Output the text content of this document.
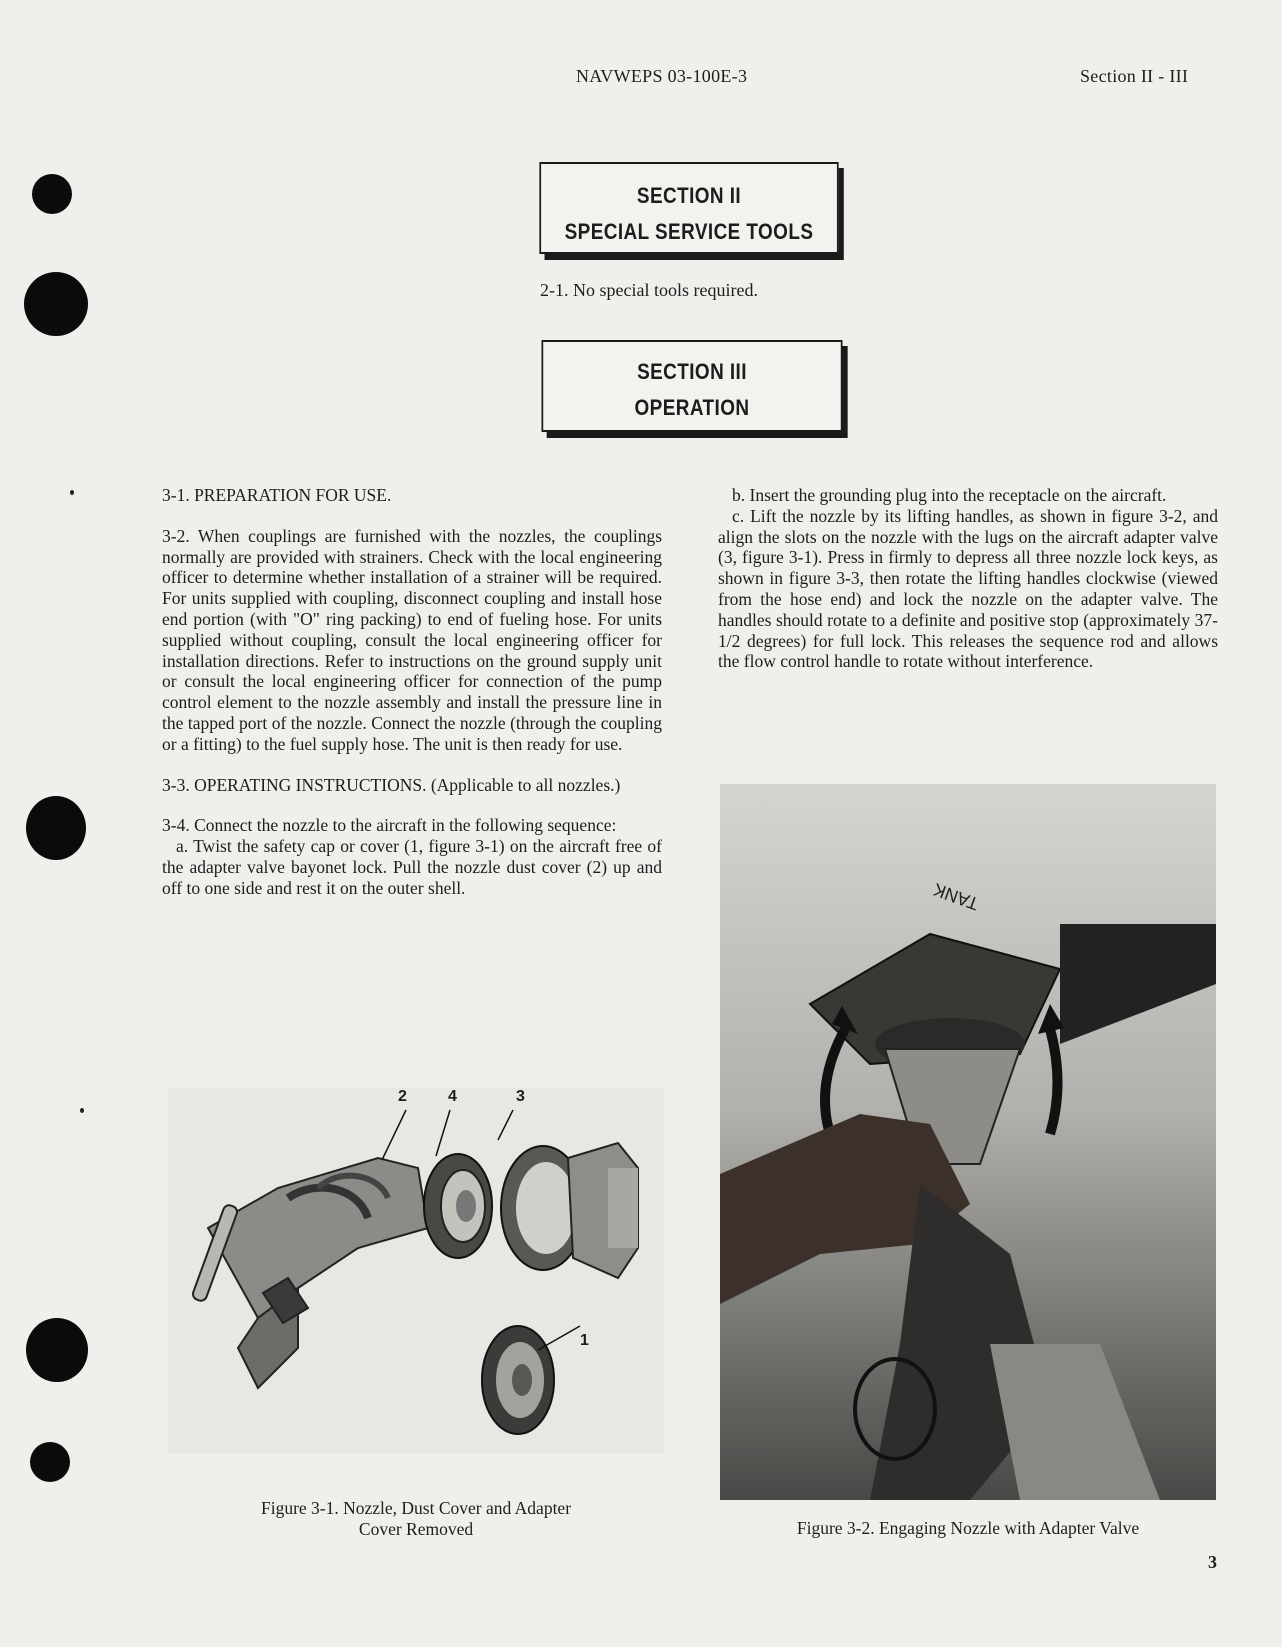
NAVWEPS 03-100E-3	Section II - III
SECTION II
SPECIAL SERVICE TOOLS
2-1. No special tools required.
SECTION III
OPERATION

3-1. PREPARATION FOR USE.

3-2. When couplings are furnished with the nozzles, the couplings normally are provided with strainers. Check with the local engineering officer to determine whether installation of a strainer will be required. For units supplied with coupling, disconnect coupling and install hose end portion (with "O" ring packing) to end of fueling hose. For units supplied without coupling, consult the local engineering officer for installation directions. Refer to instructions on the ground supply unit or consult the local engineering officer for connection of the pump control element to the nozzle assembly and install the pressure line in the tapped port of the nozzle. Connect the nozzle (through the coupling or a fitting) to the fuel supply hose. The unit is then ready for use.

3-3. OPERATING INSTRUCTIONS. (Applicable to all nozzles.)

3-4. Connect the nozzle to the aircraft in the following sequence:

a. Twist the safety cap or cover (1, figure 3-1) on the aircraft free of the adapter valve bayonet lock. Pull the nozzle dust cover (2) up and off to one side and rest it on the outer shell.

b. Insert the grounding plug into the receptacle on the aircraft.

c. Lift the nozzle by its lifting handles, as shown in figure 3-2, and align the slots on the nozzle with the lugs on the aircraft adapter valve (3, figure 3-1). Press in firmly to depress all three nozzle lock keys, as shown in figure 3-3, then rotate the lifting handles clockwise (viewed from the hose end) and lock the nozzle on the adapter valve. The handles should rotate to a definite and positive stop (approximately 37-1/2 degrees) for full lock. This releases the sequence rod and allows the flow control handle to rotate without interference.

2	4	3
1
Figure 3-1. Nozzle, Dust Cover and Adapter
Cover Removed
TANK
Figure 3-2. Engaging Nozzle with Adapter Valve
3
